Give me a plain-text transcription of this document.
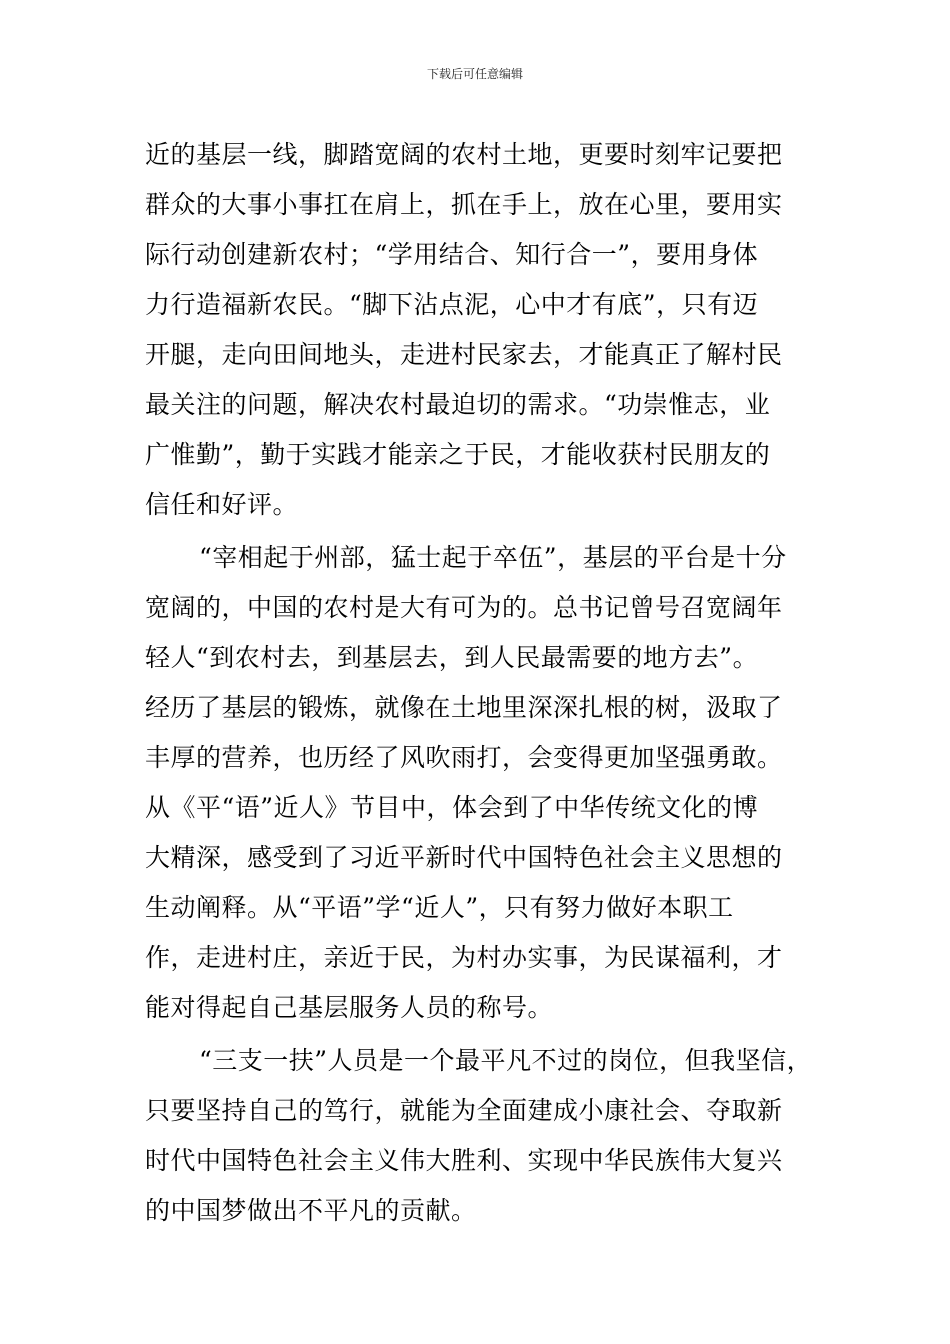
下载后可任意编辑
近的基层一线，脚踏宽阔的农村土地，更要时刻牢记要把
群众的大事小事扛在肩上，抓在手上，放在心里，要用实
际行动创建新农村；“学用结合、知行合一”，要用身体
力行造福新农民。“脚下沾点泥，心中才有底”，只有迈
开腿，走向田间地头，走进村民家去，才能真正了解村民
最关注的问题，解决农村最迫切的需求。“功崇惟志，业
广惟勤”，勤于实践才能亲之于民，才能收获村民朋友的
信任和好评。
“宰相起于州部，猛士起于卒伍”，基层的平台是十分
宽阔的，中国的农村是大有可为的。总书记曾号召宽阔年
轻人“到农村去，到基层去，到人民最需要的地方去”。
经历了基层的锻炼，就像在土地里深深扎根的树，汲取了
丰厚的营养，也历经了风吹雨打，会变得更加坚强勇敢。
从《平“语”近人》节目中，体会到了中华传统文化的博
大精深，感受到了习近平新时代中国特色社会主义思想的
生动阐释。从“平语”学“近人”，只有努力做好本职工
作，走进村庄，亲近于民，为村办实事，为民谋福利，才
能对得起自己基层服务人员的称号。
“三支一扶”人员是一个最平凡不过的岗位，但我坚信，
只要坚持自己的笃行，就能为全面建成小康社会、夺取新
时代中国特色社会主义伟大胜利、实现中华民族伟大复兴
的中国梦做出不平凡的贡献。
